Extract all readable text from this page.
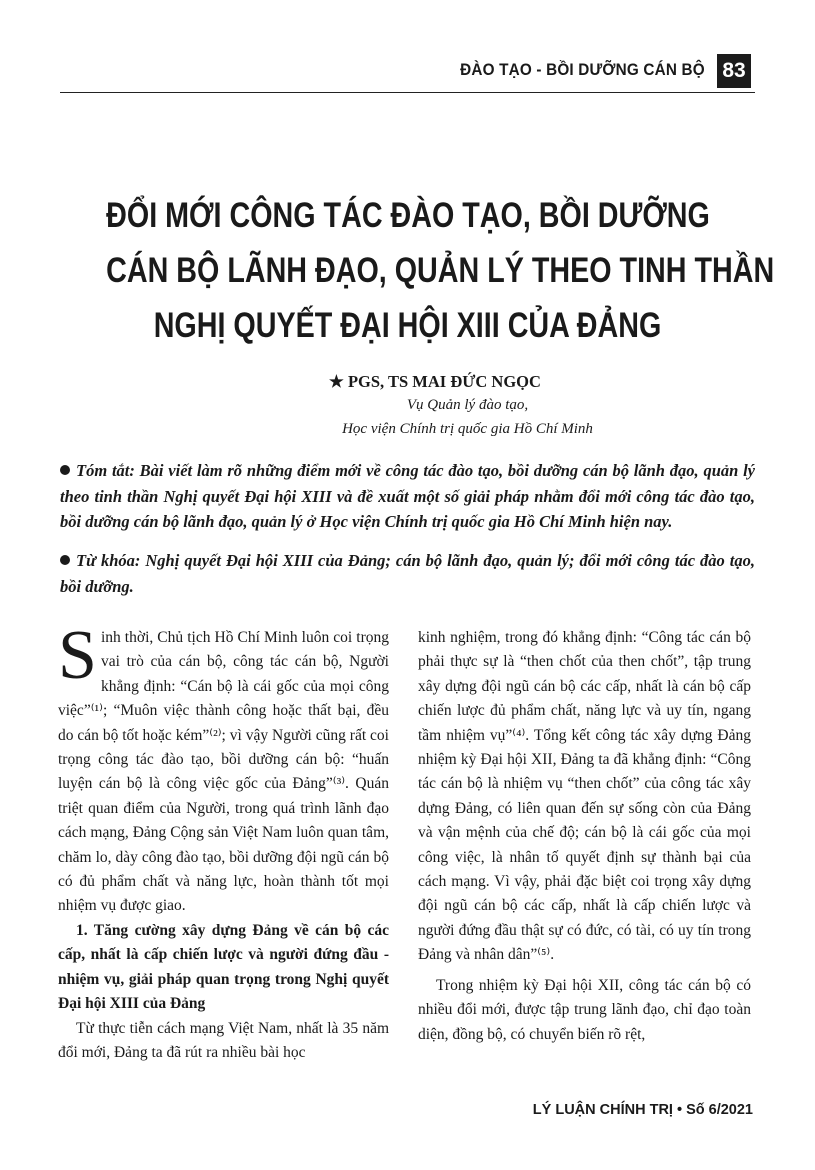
ĐÀO TẠO - BỒI DƯỠNG CÁN BỘ 83
ĐỔI MỚI CÔNG TÁC ĐÀO TẠO, BỒI DƯỠNG
CÁN BỘ LÃNH ĐẠO, QUẢN LÝ THEO TINH THẦN
NGHỊ QUYẾT ĐẠI HỘI XIII CỦA ĐẢNG
★ PGS, TS MAI ĐỨC NGỌC
Vụ Quản lý đào tạo,
Học viện Chính trị quốc gia Hồ Chí Minh
Tóm tắt: Bài viết làm rõ những điểm mới về công tác đào tạo, bồi dưỡng cán bộ lãnh đạo, quản lý theo tinh thần Nghị quyết Đại hội XIII và đề xuất một số giải pháp nhằm đổi mới công tác đào tạo, bồi dưỡng cán bộ lãnh đạo, quản lý ở Học viện Chính trị quốc gia Hồ Chí Minh hiện nay.
Từ khóa: Nghị quyết Đại hội XIII của Đảng; cán bộ lãnh đạo, quản lý; đổi mới công tác đào tạo, bồi dưỡng.

Sinh thời, Chủ tịch Hồ Chí Minh luôn coi trọng vai trò của cán bộ, công tác cán bộ, Người khẳng định: “Cán bộ là cái gốc của mọi công việc”⁽¹⁾; “Muôn việc thành công hoặc thất bại, đều do cán bộ tốt hoặc kém”⁽²⁾; vì vậy Người cũng rất coi trọng công tác đào tạo, bồi dưỡng cán bộ: “huấn luyện cán bộ là công việc gốc của Đảng”⁽³⁾. Quán triệt quan điểm của Người, trong quá trình lãnh đạo cách mạng, Đảng Cộng sản Việt Nam luôn quan tâm, chăm lo, dày công đào tạo, bồi dưỡng đội ngũ cán bộ có đủ phẩm chất và năng lực, hoàn thành tốt mọi nhiệm vụ được giao.

1. Tăng cường xây dựng Đảng về cán bộ các cấp, nhất là cấp chiến lược và người đứng đầu - nhiệm vụ, giải pháp quan trọng trong Nghị quyết Đại hội XIII của Đảng

Từ thực tiễn cách mạng Việt Nam, nhất là 35 năm đổi mới, Đảng ta đã rút ra nhiều bài học

kinh nghiệm, trong đó khẳng định: “Công tác cán bộ phải thực sự là “then chốt của then chốt”, tập trung xây dựng đội ngũ cán bộ các cấp, nhất là cán bộ cấp chiến lược đủ phẩm chất, năng lực và uy tín, ngang tầm nhiệm vụ”⁽⁴⁾. Tổng kết công tác xây dựng Đảng nhiệm kỳ Đại hội XII, Đảng ta đã khẳng định: “Công tác cán bộ là nhiệm vụ “then chốt” của công tác xây dựng Đảng, có liên quan đến sự sống còn của Đảng và vận mệnh của chế độ; cán bộ là cái gốc của mọi công việc, là nhân tố quyết định sự thành bại của cách mạng. Vì vậy, phải đặc biệt coi trọng xây dựng đội ngũ cán bộ các cấp, nhất là cấp chiến lược và người đứng đầu thật sự có đức, có tài, có uy tín trong Đảng và nhân dân”⁽⁵⁾.

Trong nhiệm kỳ Đại hội XII, công tác cán bộ có nhiều đổi mới, được tập trung lãnh đạo, chỉ đạo toàn diện, đồng bộ, có chuyển biến rõ rệt,

LÝ LUẬN CHÍNH TRỊ • Số 6/2021
